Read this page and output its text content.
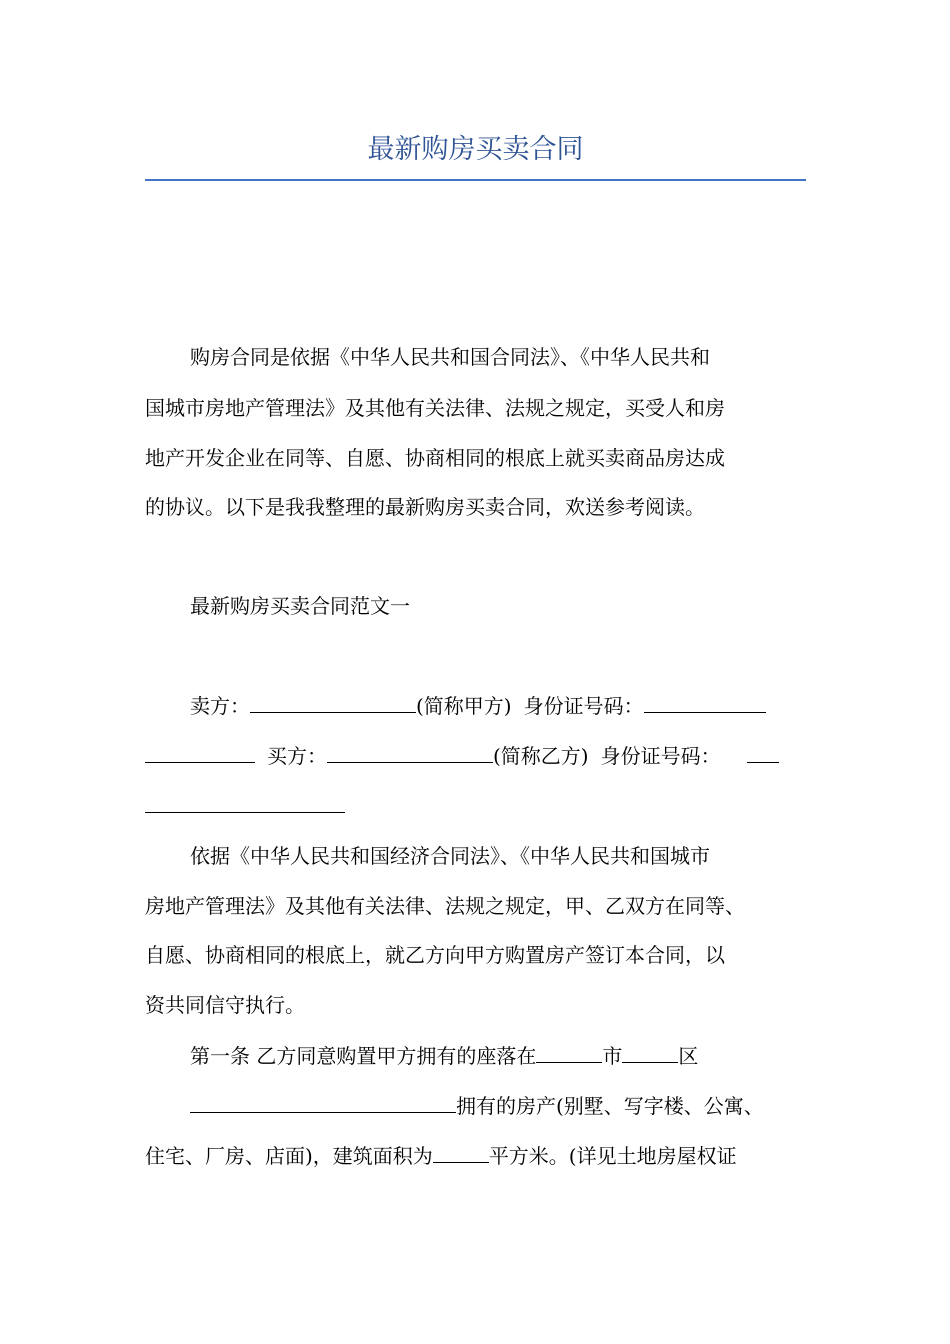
最新购房买卖合同

购房合同是依据《中华人民共和国合同法》、《中华人民共和

国城市房地产管理法》及其他有关法律、法规之规定，买受人和房

地产开发企业在同等、自愿、协商相同的根底上就买卖商品房达成

的协议。以下是我我整理的最新购房买卖合同，欢送参考阅读。

最新购房买卖合同范文一

卖方：	(简称甲方) 身份证号码：
买方：	(简称乙方) 身份证号码：

依据《中华人民共和国经济合同法》、《中华人民共和国城市

房地产管理法》及其他有关法律、法规之规定，甲、乙双方在同等、

自愿、协商相同的根底上，就乙方向甲方购置房产签订本合同，以

资共同信守执行。

第一条 乙方同意购置甲方拥有的座落在	市	区
拥有的房产(别墅、写字楼、公寓、
住宅、厂房、店面)，建筑面积为	平方米。(详见土地房屋权证
